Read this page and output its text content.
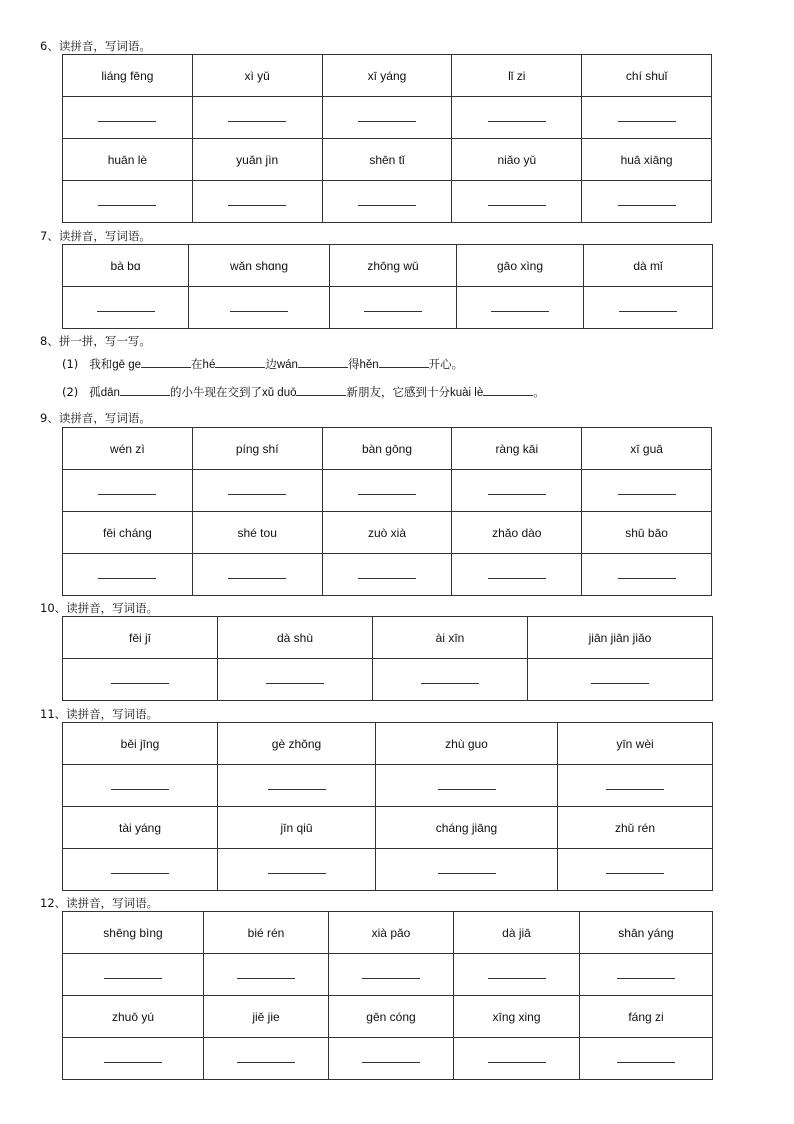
6、读拼音，写词语。
liáng fēng	xì yǔ	xī yáng	lǐ zi	chí shuǐ

huān lè	yuǎn jìn	shēn tǐ	niǎo yǔ	huā xiāng

7、读拼音，写词语。
bà bɑ	wǎn shɑng	zhōng wǔ	gāo xìng	dà mǐ

8、拼一拼，写一写。
(1) 我和gē ge	在hé	边wán	得hěn	开心。
(2) 孤dān	的小牛现在交到了xǔ duō	新朋友，它感到十分kuài lè	。
9、读拼音，写词语。
wén zì	píng shí	bàn gōng	ràng kāi	xī guā

fēi cháng	shé tou	zuò xià	zhǎo dào	shū bāo

10、读拼音，写词语。
fēi jī	dà shù	ài xīn	jiān jiān jiǎo

11、读拼音，写词语。
běi jīng	gè zhǒng	zhù guo	yīn wèi

tài yáng	jīn qiū	cháng jiāng	zhǔ rén

12、读拼音，写词语。
shēng bìng	bié rén	xià pǎo	dà jiā	shān yáng

zhuō yú	jiě jie	gēn cóng	xīng xing	fáng zi
